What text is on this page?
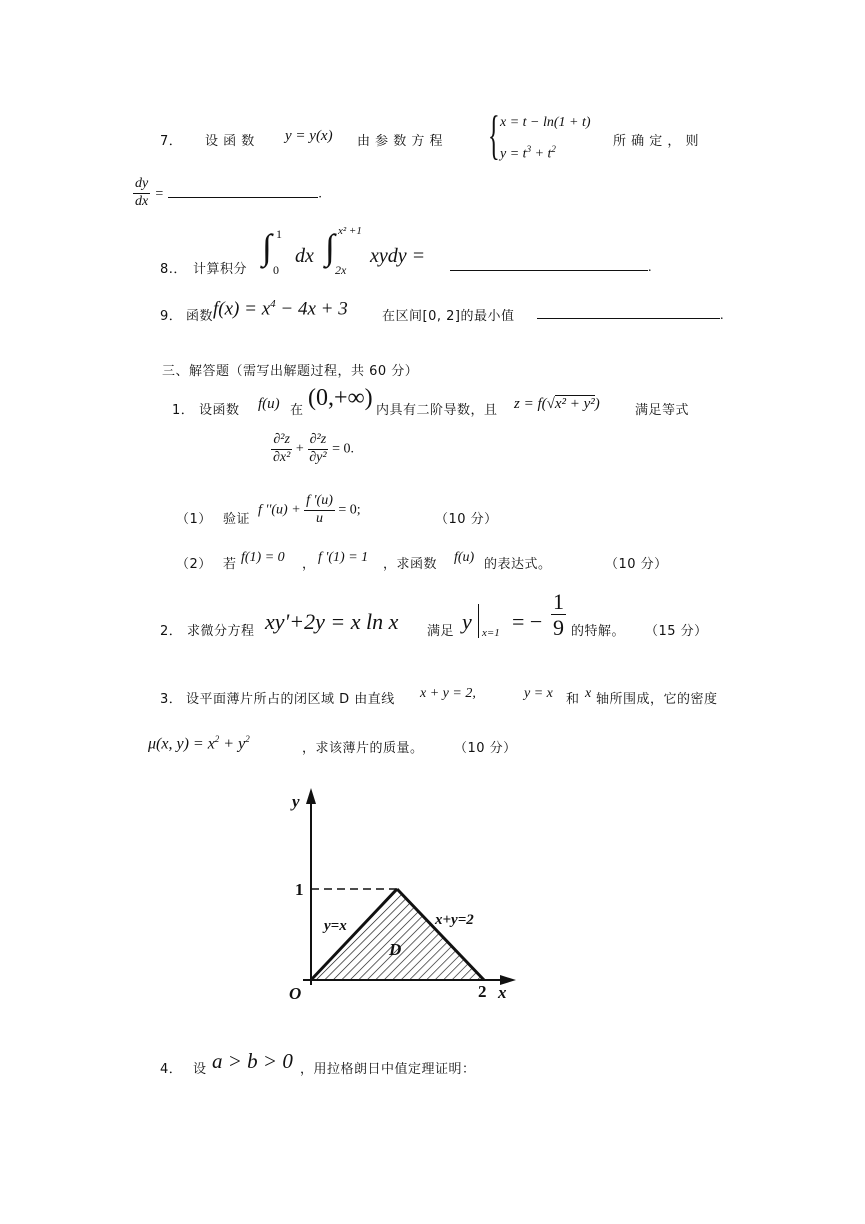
7． 设 函 数 y = y(x) 由 参 数 方 程 { x = t − ln(1 + t)
$y = t^3 + t^2$	所 确 定 ， 则
$\frac{dy}{dx}$ =	.
8.． 计算积分
∫ 1
0
dx ∫ x² +1
2x
xydy =
.
9． 函数 $f(x) = x^4 - 4x + 3$	在区间[0, 2]的最小值	.
三、解答题（需写出解题过程，共 60 分）
1． 设函数 f(u) 在 (0,+∞) 内具有二阶导数，且 z = f(√x² + y²)	满足等式
$\frac{\text{∂²z}}{\text{∂x²}} + \frac{\text{∂²z}}{\text{∂y²}} = 0$.
（1） 验证
f ''$(u) + \frac{f '(u)}{u} = 0$;
（10 分）
（2） 若 f(1) = 0 ， f '(1) = 1 ，求函数 f(u) 的表达式。	（10 分）
2． 求微分方程 xy'+2y = x ln x 满足 y x=1 = − $\frac{1}{9}$ 的特解。 （15 分）
3． 设平面薄片所占的闭区域 D 由直线 x + y = 2,	y = x 和 x 轴所围成，它的密度
μ(x, $y) = x^2 + y^2$
，求该薄片的质量。 （10 分）
y
x
O
1
2
y=x	x+y=2
D
4． 设 a > b > 0 ，用拉格朗日中值定理证明：
